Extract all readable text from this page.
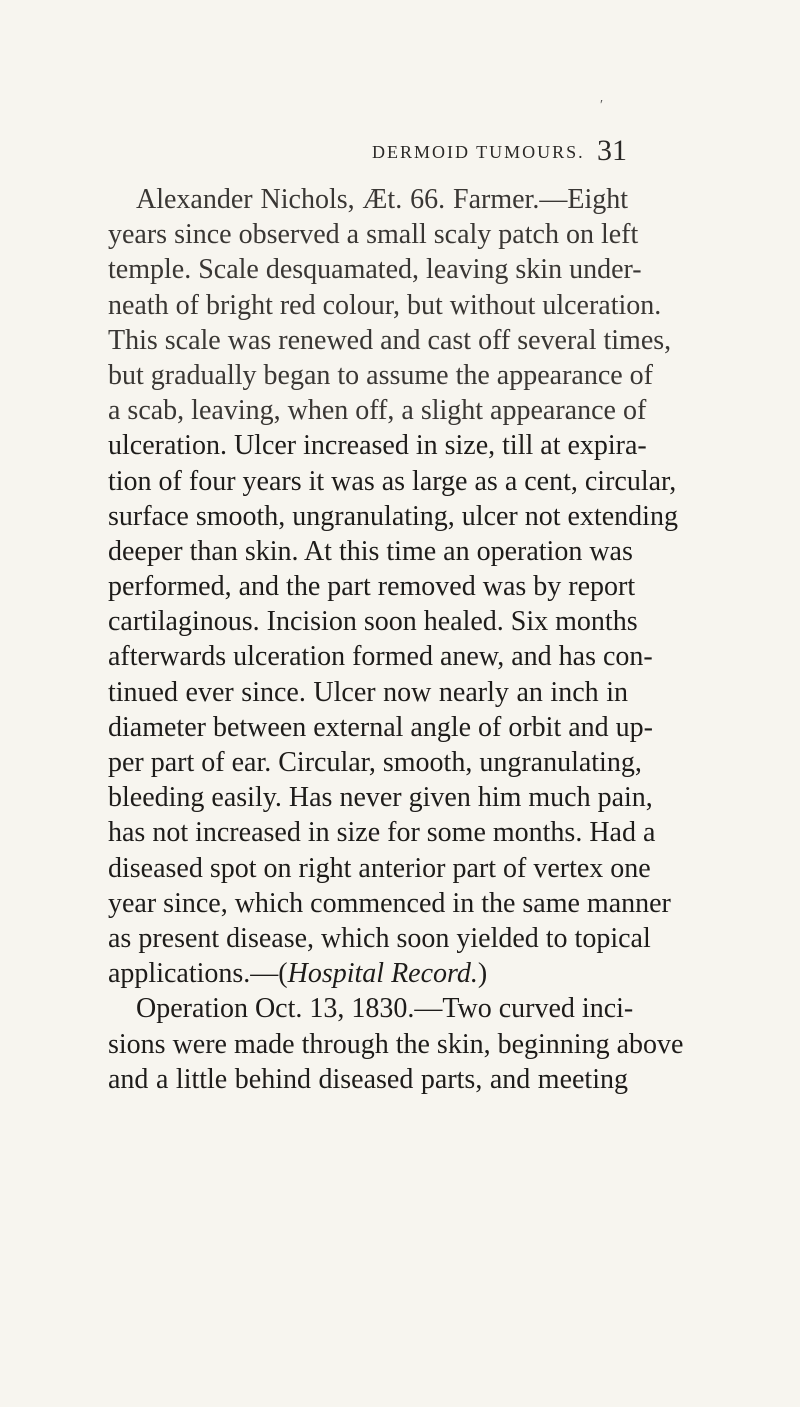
′
DERMOID TUMOURS. 31
Alexander Nichols, Æt. 66. Farmer.—Eight
years since observed a small scaly patch on left
temple. Scale desquamated, leaving skin under-
neath of bright red colour, but without ulceration.
This scale was renewed and cast off several times,
but gradually began to assume the appearance of
a scab, leaving, when off, a slight appearance of
ulceration. Ulcer increased in size, till at expira-
tion of four years it was as large as a cent, circular,
surface smooth, ungranulating, ulcer not extending
deeper than skin. At this time an operation was
performed, and the part removed was by report
cartilaginous. Incision soon healed. Six months
afterwards ulceration formed anew, and has con-
tinued ever since. Ulcer now nearly an inch in
diameter between external angle of orbit and up-
per part of ear. Circular, smooth, ungranulating,
bleeding easily. Has never given him much pain,
has not increased in size for some months. Had a
diseased spot on right anterior part of vertex one
year since, which commenced in the same manner
as present disease, which soon yielded to topical
applications.—(Hospital Record.)
Operation Oct. 13, 1830.—Two curved inci-
sions were made through the skin, beginning above
and a little behind diseased parts, and meeting
